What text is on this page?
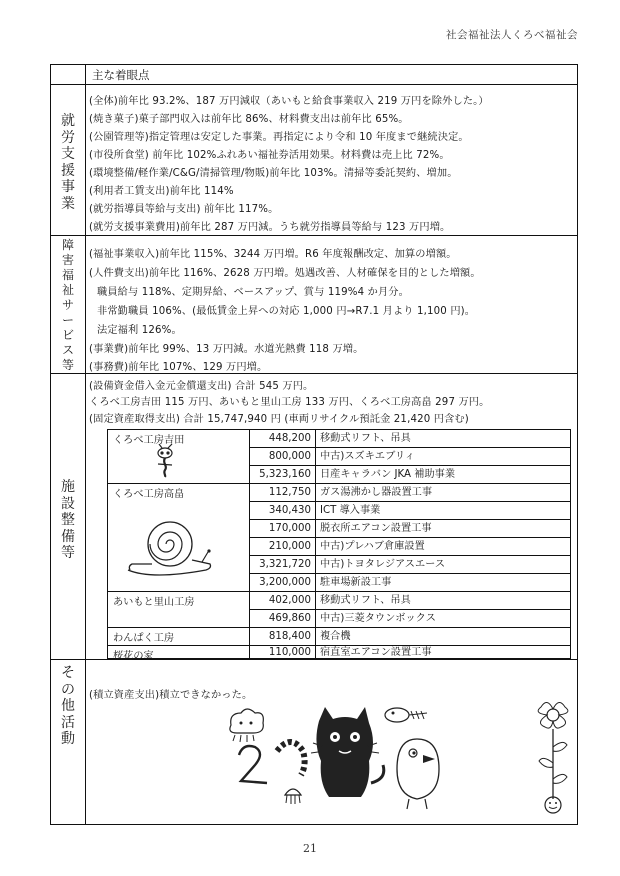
社会福祉法人くろべ福祉会
主な着眼点
就
労
支
援
事
業
(全体)前年比 93.2%、187 万円減収（あいもと給食事業収入 219 万円を除外した。）
(焼き菓子)菓子部門収入は前年比 86%、材料費支出は前年比 65%。
(公園管理等)指定管理は安定した事業。再指定により令和 10 年度まで継続決定。
(市役所食堂) 前年比 102%ふれあい福祉券活用効果。材料費は売上比 72%。
(環境整備/軽作業/C&G/清掃管理/物販)前年比 103%。清掃等委託契約、増加。
(利用者工賃支出)前年比 114%
(就労指導員等給与支出) 前年比 117%。
(就労支援事業費用)前年比 287 万円減。うち就労指導員等給与 123 万円増。
障
害
福
祉
サ
ー
ビ
ス
等
(福祉事業収入)前年比 115%、3244 万円増。R6 年度報酬改定、加算の増額。
(人件費支出)前年比 116%、2628 万円増。処遇改善、人材確保を目的とした増額。
職員給与 118%、定期昇給、ベースアップ、賞与 119%4 か月分。
非常勤職員 106%、(最低賃金上昇への対応 1,000 円→R7.1 月より 1,100 円)。
法定福利 126%。
(事業費)前年比 99%、13 万円減。水道光熱費 118 万増。
(事務費)前年比 107%、129 万円増。
施
設
整
備
等
(設備資金借入金元金償還支出) 合計 545 万円。
くろべ工房吉田 115 万円、あいもと里山工房 133 万円、くろべ工房高畠 297 万円。
(固定資産取得支出) 合計 15,747,940 円 (車両リサイクル預託金 21,420 円含む)
くろべ工房吉田
くろべ工房高畠
あいもと里山工房
わんぱく工房
桜花の家
448,200 移動式リフト、吊具
800,000 中古)スズキエブリィ
5,323,160 日産キャラバン JKA 補助事業
112,750 ガス湯沸かし器設置工事
340,430 ICT 導入事業
170,000 脱衣所エアコン設置工事
210,000 中古)プレハブ倉庫設置
3,321,720 中古)トヨタレジアスエース
3,200,000 駐車場新設工事
402,000 移動式リフト、吊具
469,860 中古)三菱タウンボックス
818,400 複合機
110,000 宿直室エアコン設置工事
そ
の
他
活
動
(積立資産支出)積立できなかった。
21
